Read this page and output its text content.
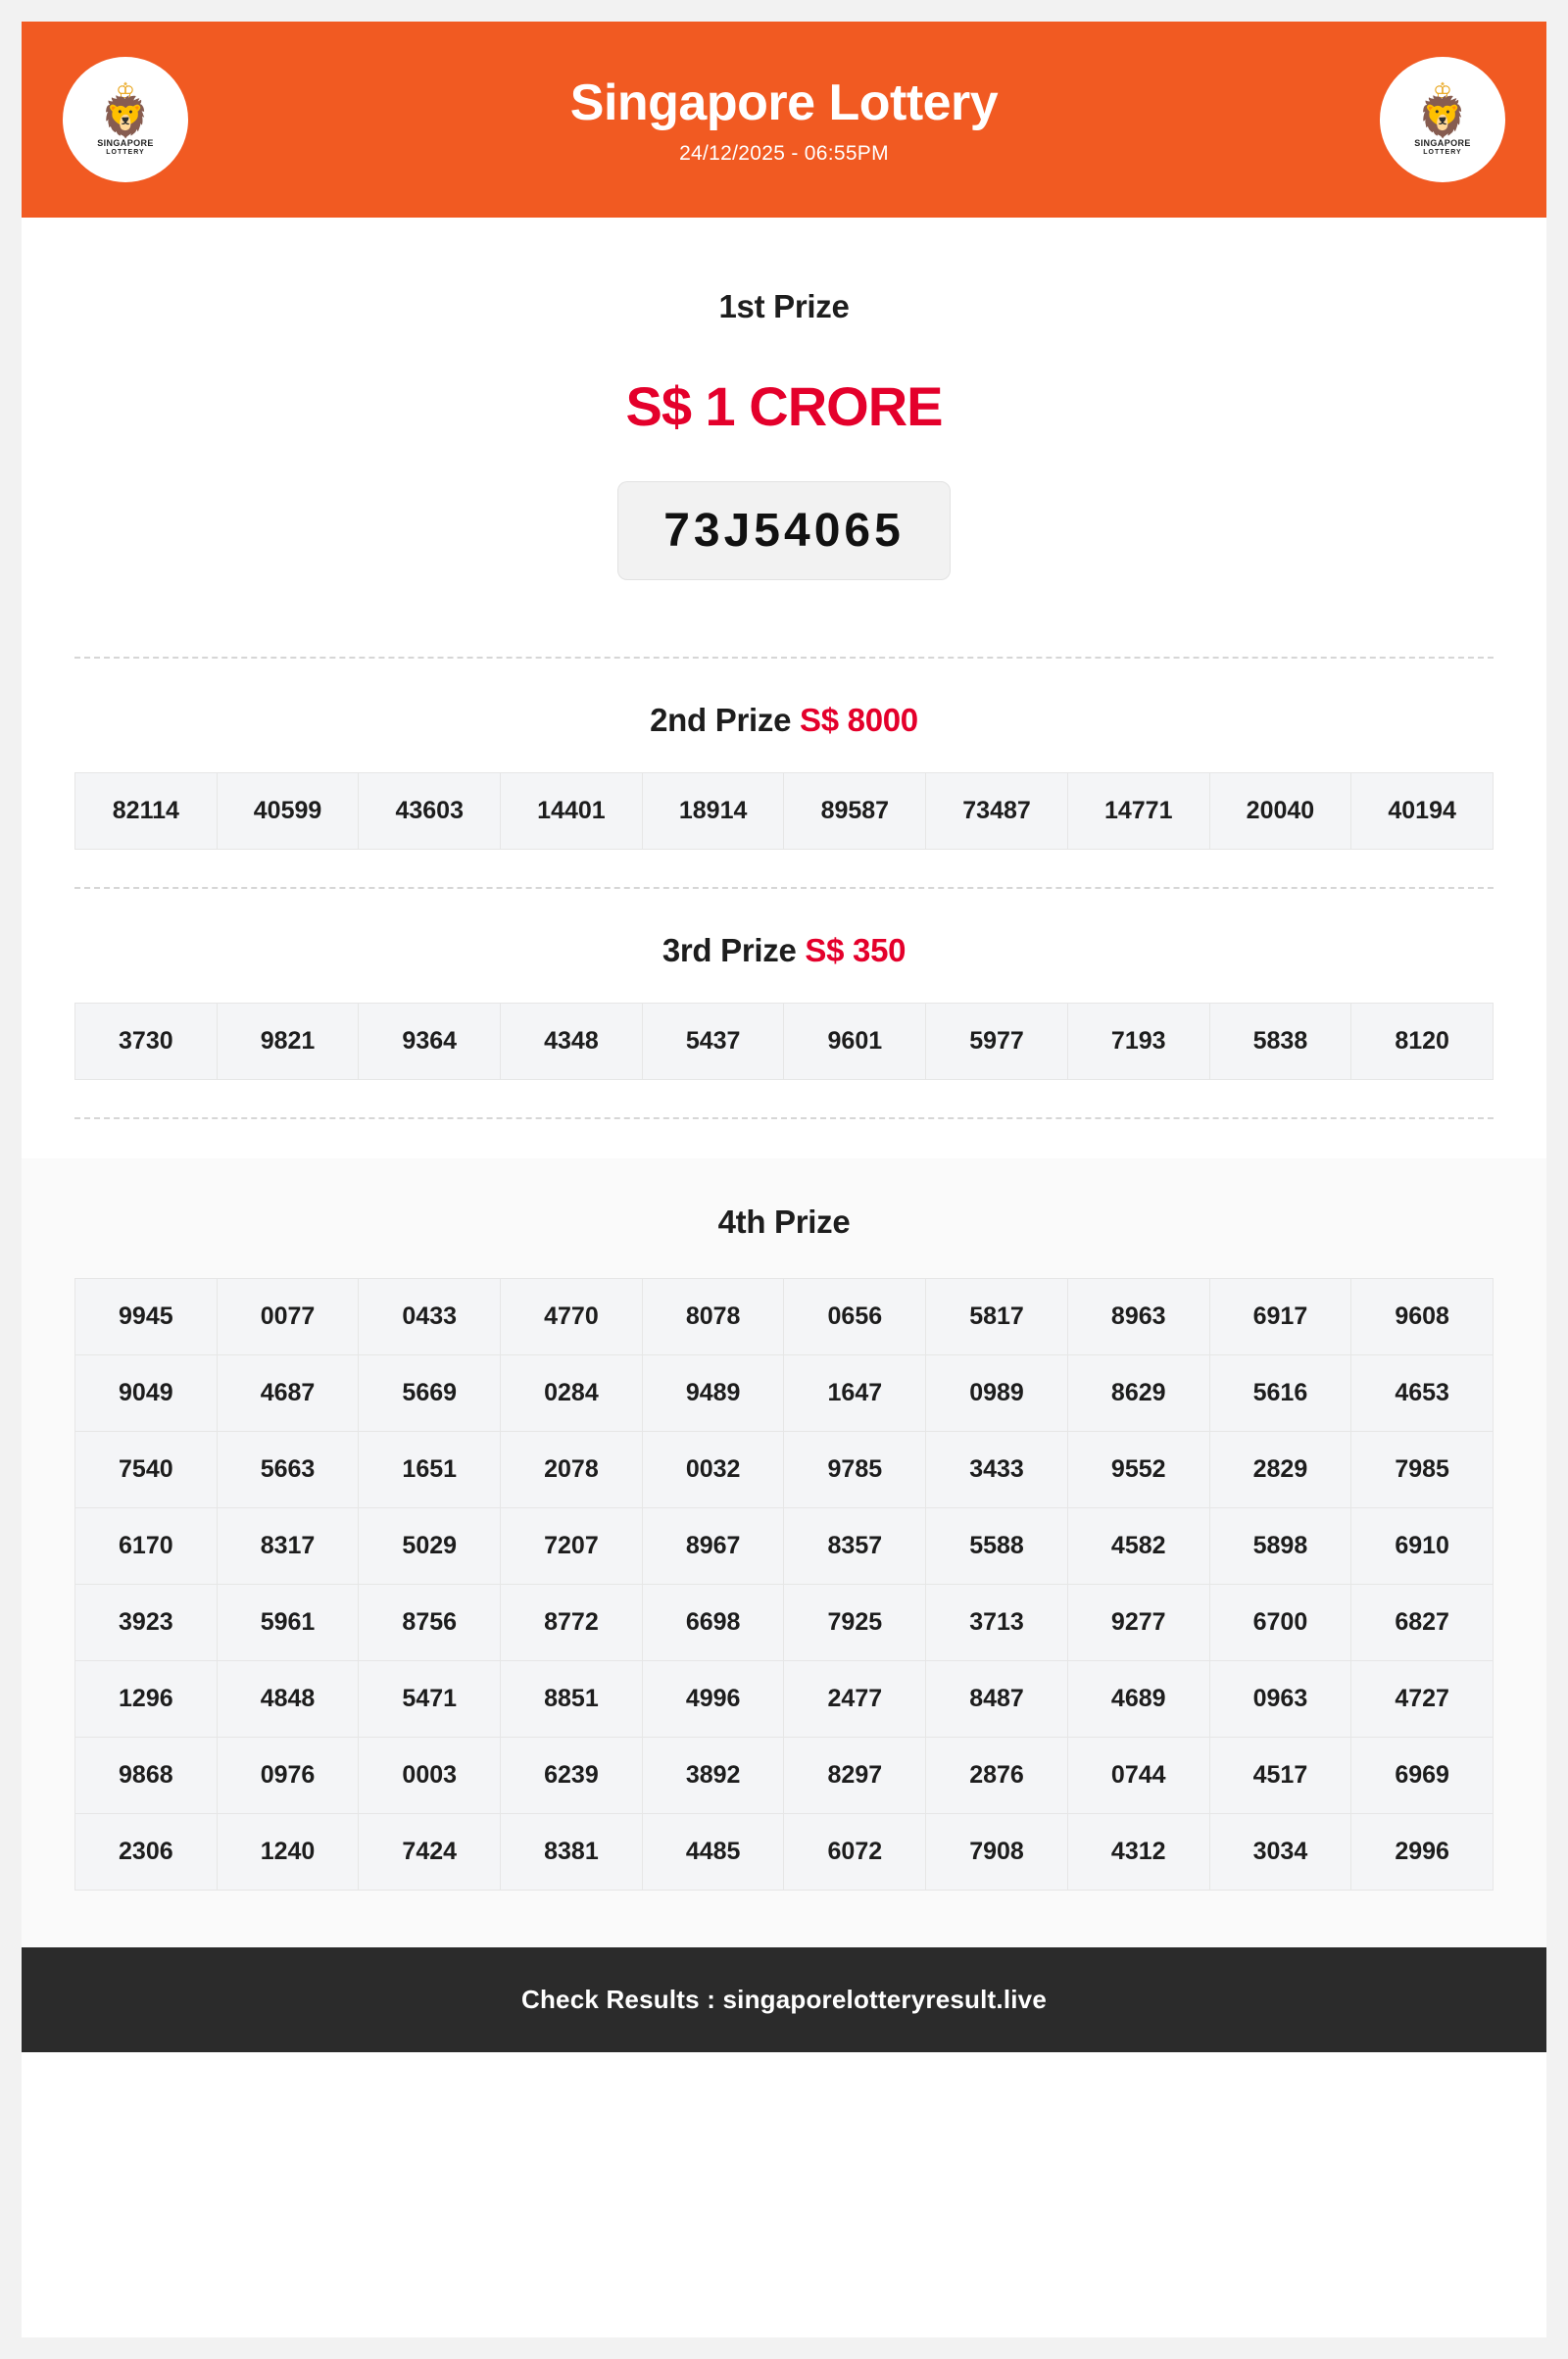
♔
🦁
SINGAPORE
LOTTERY
Singapore Lottery
24/12/2025 - 06:55PM
♔
🦁
SINGAPORE
LOTTERY
1st Prize
S$ 1 CRORE
73J54065
2nd Prize S$ 8000
82114	40599	43603	14401	18914	89587	73487	14771	20040	40194
3rd Prize S$ 350
3730	9821	9364	4348	5437	9601	5977	7193	5838	8120
4th Prize
9945	0077	0433	4770	8078	0656	5817	8963	6917	9608
9049	4687	5669	0284	9489	1647	0989	8629	5616	4653
7540	5663	1651	2078	0032	9785	3433	9552	2829	7985
6170	8317	5029	7207	8967	8357	5588	4582	5898	6910
3923	5961	8756	8772	6698	7925	3713	9277	6700	6827
1296	4848	5471	8851	4996	2477	8487	4689	0963	4727
9868	0976	0003	6239	3892	8297	2876	0744	4517	6969
2306	1240	7424	8381	4485	6072	7908	4312	3034	2996
Check Results : singaporelotteryresult.live
